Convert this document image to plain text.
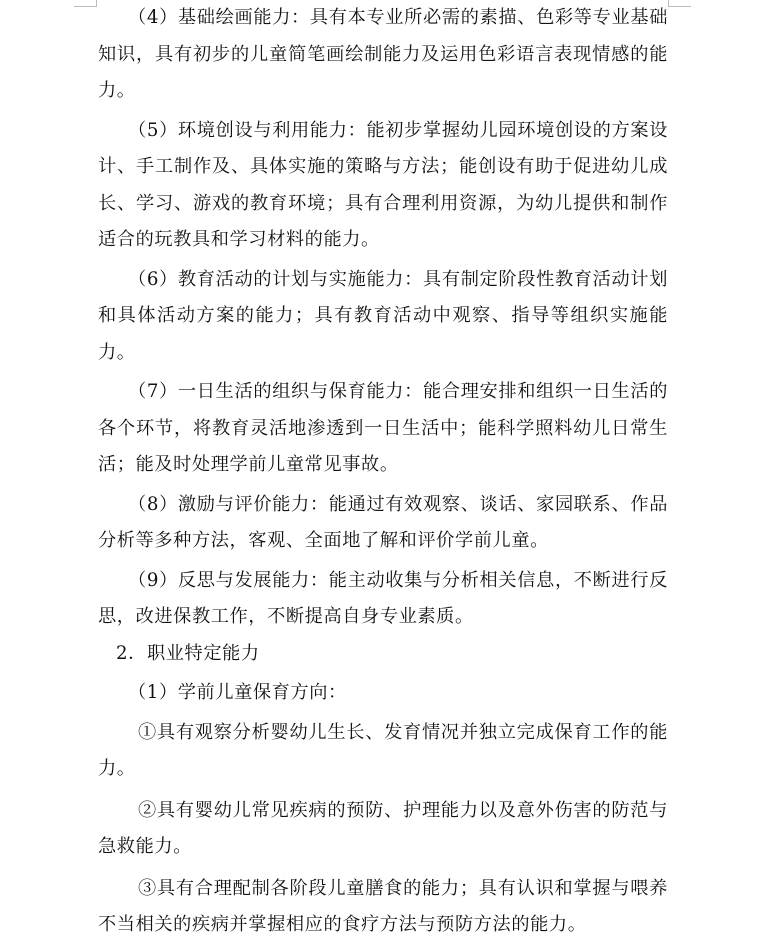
（4）基础绘画能力：具有本专业所必需的素描、色彩等专业基础知识，具有初步的儿童简笔画绘制能力及运用色彩语言表现情感的能力。

（5）环境创设与利用能力：能初步掌握幼儿园环境创设的方案设计、手工制作及、具体实施的策略与方法；能创设有助于促进幼儿成长、学习、游戏的教育环境；具有合理利用资源，为幼儿提供和制作适合的玩教具和学习材料的能力。

（6）教育活动的计划与实施能力：具有制定阶段性教育活动计划和具体活动方案的能力；具有教育活动中观察、指导等组织实施能力。

（7）一日生活的组织与保育能力：能合理安排和组织一日生活的各个环节，将教育灵活地渗透到一日生活中；能科学照料幼儿日常生活；能及时处理学前儿童常见事故。

（8）激励与评价能力：能通过有效观察、谈话、家园联系、作品分析等多种方法，客观、全面地了解和评价学前儿童。

（9）反思与发展能力：能主动收集与分析相关信息，不断进行反思，改进保教工作，不断提高自身专业素质。

2．职业特定能力

（1）学前儿童保育方向：

①具有观察分析婴幼儿生长、发育情况并独立完成保育工作的能力。

②具有婴幼儿常见疾病的预防、护理能力以及意外伤害的防范与急救能力。

③具有合理配制各阶段儿童膳食的能力；具有认识和掌握与喂养不当相关的疾病并掌握相应的食疗方法与预防方法的能力。
